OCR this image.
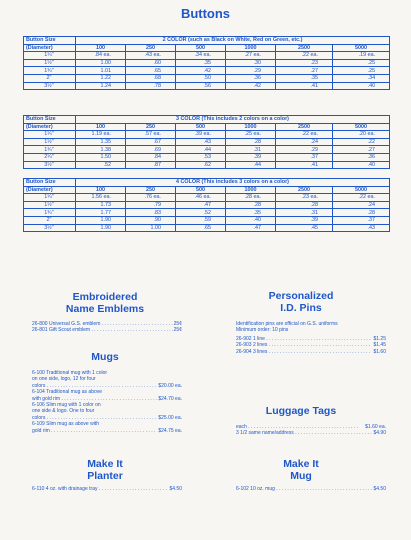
Buttons
Button Size	2 COLOR (such as Black on White, Red on Green, etc.)					
(Diameter)	100	250	500	1000	2500	5000
1¼"	.84 ea.	.43 ea.	.34 ea.	.27 ea.	.22 ea.	.19 ea.
1½"	1.00	.60	.35	.30	.23	.25
1¾"	1.01	.65	.42	.29	.27	.25
2"	1.22	.68	.50	.36	.35	.34
3½"	1.24	.78	.56	.42	.41	.40
Button Size	3 COLOR (This includes 2 colors on a color)					
(Diameter)	100	250	500	1000	2500	5000
1¼"	1.19 ea.	.57 ea.	.39 ea.	.25 ea.	.22 ea.	.20 ea.
1½"	1.35	.67	.43	.28	.24	.22
1¾"	1.38	.69	.44	.31	.29	.27
2¼"	1.50	.84	.53	.39	.37	.36
3½"	.52	.87	.62	.44	.41	.40
Button Size	4 COLOR (This includes 3 colors on a color)					
(Diameter)	100	250	500	1000	2500	5000
1¼"	1.56 ea.	.76 ea.	.46 ea.	.28 ea.	.23 ea.	.22 ea.
1½"	1.73	.79	.47	.28	.28	.24
1¾"	1.77	.83	.52	.35	.31	.28
2"	1.90	.90	.59	.40	.39	.37
3½"	1.90	1.00	.65	.47	.45	.43
Embroidered
Name Emblems
26-800 Universal G.S. emblem . . .	25¢
26-801 Gift Scout emblem . . .	25¢
Mugs
6-100 Traditional mug with 1 color
on one side, logo, 12 for four
colors . . .	$20.00 ea.
6-104 Traditional mug as above
with gold rim . . .	$24.70 ea.
6-106 Slim mug with 1 color on
one side & logo. One to four
colors . . .	$25.00 ea.
6-109 Slim mug as above with
gold rim . . .	$24.75 ea.
Make It
Planter
6-110 4 oz. with drainage tray . . .	$4.50
Personalized
I.D. Pins
Identification pins are official on G.S. uniforms
Minimum order: 10 pins
26-902 1 line . . .	$1.25
26-903 2 lines . . .	$1.45
26-904 3 lines . . .	$1.60
Luggage Tags
each . . .	$1.60 ea.
3 1/2 same name/address . . .	$4.90
Make It
Mug
6-102 10 oz. mug . . .	$4.50
